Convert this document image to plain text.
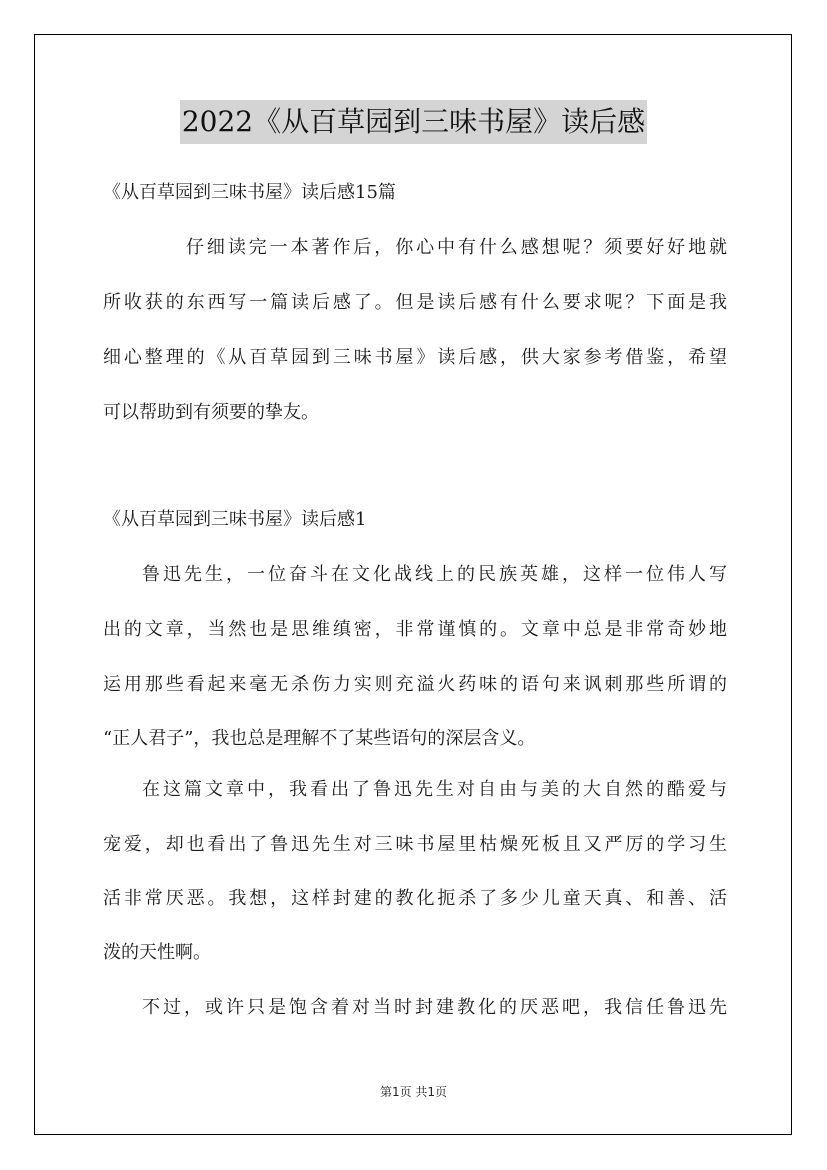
2022《从百草园到三味书屋》读后感
《从百草园到三味书屋》读后感15篇
仔细读完一本著作后，你心中有什么感想呢？须要好好地就
所收获的东西写一篇读后感了。但是读后感有什么要求呢？下面是我
细心整理的《从百草园到三味书屋》读后感，供大家参考借鉴，希望
可以帮助到有须要的挚友。
《从百草园到三味书屋》读后感1
鲁迅先生，一位奋斗在文化战线上的民族英雄，这样一位伟人写
出的文章，当然也是思维缜密，非常谨慎的。文章中总是非常奇妙地
运用那些看起来毫无杀伤力实则充溢火药味的语句来讽刺那些所谓的
“正人君子”，我也总是理解不了某些语句的深层含义。
在这篇文章中，我看出了鲁迅先生对自由与美的大自然的酷爱与
宠爱，却也看出了鲁迅先生对三味书屋里枯燥死板且又严厉的学习生
活非常厌恶。我想，这样封建的教化扼杀了多少儿童天真、和善、活
泼的天性啊。
不过，或许只是饱含着对当时封建教化的厌恶吧，我信任鲁迅先
第1页 共1页
